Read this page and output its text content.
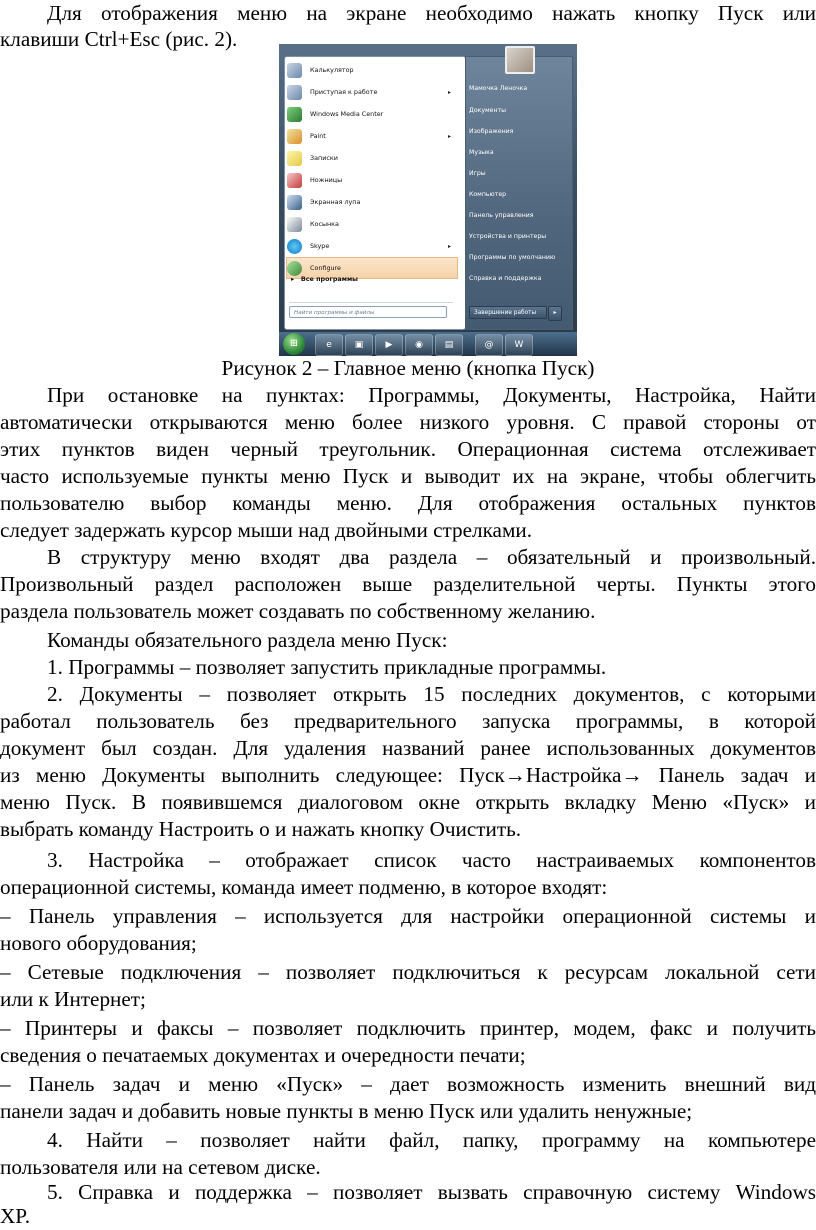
Для отображения меню на экране необходимо нажать кнопку Пуск или
клавиши Ctrl+Esc (рис. 2).
Калькулятор
Приступая к работе	▸
Windows Media Center
Paint	▸
Записки
Ножницы
Экранная лупа
Косынка
Skype	▸
Configure
▸   Все программы
Найти программы и файлы
Мамочка Леночка
Документы
Изображения
Музыка
Игры
Компьютер
Панель управления
Устройства и принтеры
Программы по умолчанию
Справка и поддержка
Завершение работы	▸
⊞	e	▣	▶	◉	▤	@	W
Рисунок 2 – Главное меню (кнопка Пуск)
При остановке на пунктах: Программы, Документы, Настройка, Найти
автоматически открываются меню более низкого уровня. С правой стороны от
этих пунктов виден черный треугольник. Операционная система отслеживает
часто используемые пункты меню Пуск и выводит их на экране, чтобы облегчить
пользователю выбор команды меню. Для отображения остальных пунктов
следует задержать курсор мыши над двойными стрелками.
В структуру меню входят два раздела – обязательный и произвольный.
Произвольный раздел расположен выше разделительной черты. Пункты этого
раздела пользователь может создавать по собственному желанию.
Команды обязательного раздела меню Пуск:
1. Программы – позволяет запустить прикладные программы.
2. Документы – позволяет открыть 15 последних документов, с которыми
работал пользователь без предварительного запуска программы, в которой
документ был создан. Для удаления названий ранее использованных документов
из меню Документы выполнить следующее: Пуск→Настройка→ Панель задач и
меню Пуск. В появившемся диалоговом окне открыть вкладку Меню «Пуск» и
выбрать команду Настроить о и нажать кнопку Очистить.
3. Настройка – отображает список часто настраиваемых компонентов
операционной системы, команда имеет подменю, в которое входят:
– Панель управления – используется для настройки операционной системы и
нового оборудования;
– Сетевые подключения – позволяет подключиться к ресурсам локальной сети
или к Интернет;
– Принтеры и факсы – позволяет подключить принтер, модем, факс и получить
сведения о печатаемых документах и очередности печати;
– Панель задач и меню «Пуск» – дает возможность изменить внешний вид
панели задач и добавить новые пункты в меню Пуск или удалить ненужные;
4. Найти – позволяет найти файл, папку, программу на компьютере
пользователя или на сетевом диске.
5. Справка и поддержка – позволяет вызвать справочную систему Windows
XP.
